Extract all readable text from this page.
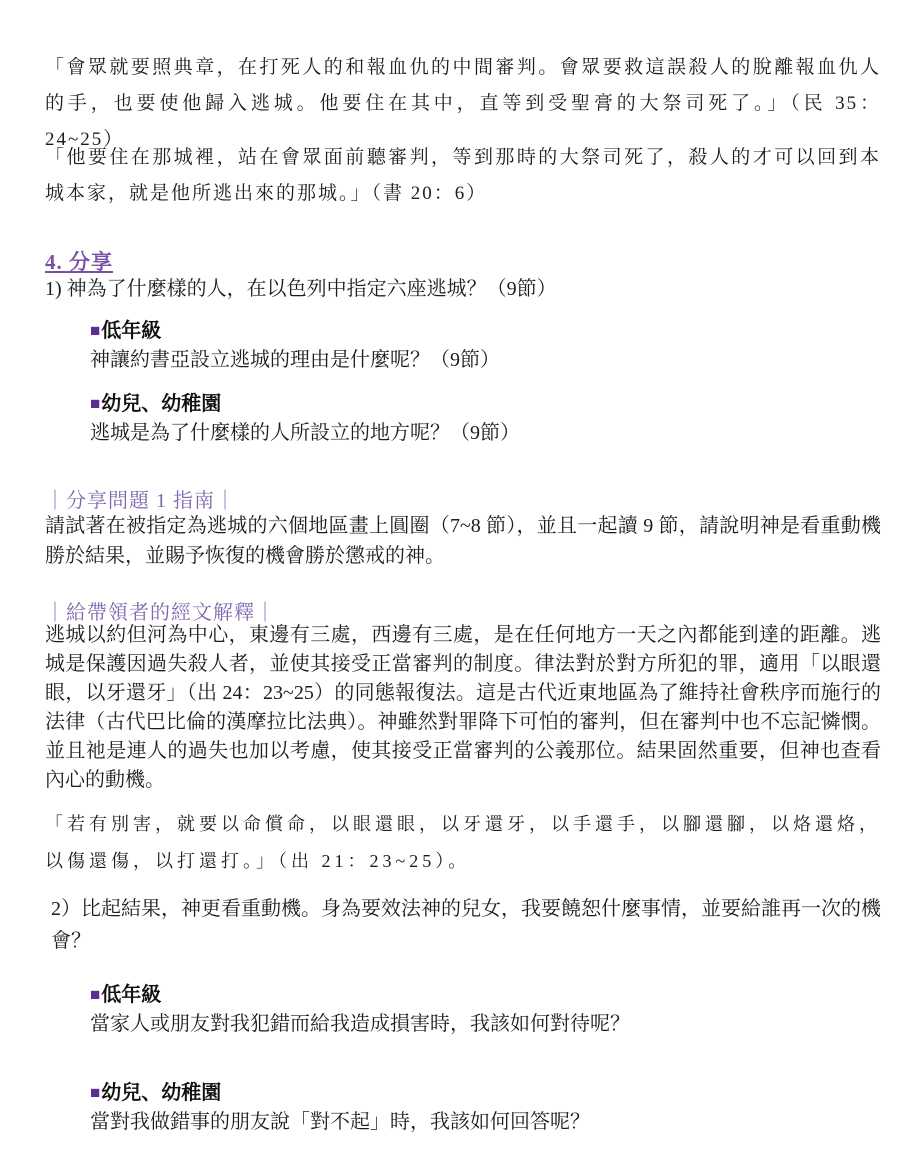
「會眾就要照典章，在打死人的和報血仇的中間審判。會眾要救這誤殺人的脫離報血仇人的手，也要使他歸入逃城。他要住在其中，直等到受聖膏的大祭司死了。」（民 35：24~25）
「他要住在那城裡，站在會眾面前聽審判，等到那時的大祭司死了，殺人的才可以回到本城本家，就是他所逃出來的那城。」（書 20：6）
4. 分享
1) 神為了什麼樣的人，在以色列中指定六座逃城？（9節）
■低年級
神讓約書亞設立逃城的理由是什麼呢？（9節）
■幼兒、幼稚園
逃城是為了什麼樣的人所設立的地方呢？（9節）
｜分享問題 1 指南｜
請試著在被指定為逃城的六個地區畫上圓圈（7~8 節），並且一起讀 9 節，請說明神是看重動機勝於結果，並賜予恢復的機會勝於懲戒的神。
｜給帶領者的經文解釋｜
逃城以約但河為中心，東邊有三處，西邊有三處，是在任何地方一天之內都能到達的距離。逃城是保護因過失殺人者，並使其接受正當審判的制度。律法對於對方所犯的罪，適用「以眼還眼，以牙還牙」（出 24：23~25）的同態報復法。這是古代近東地區為了維持社會秩序而施行的法律（古代巴比倫的漢摩拉比法典）。神雖然對罪降下可怕的審判，但在審判中也不忘記憐憫。並且祂是連人的過失也加以考慮，使其接受正當審判的公義那位。結果固然重要，但神也查看內心的動機。
「若有別害，就要以命償命，以眼還眼，以牙還牙，以手還手，以腳還腳，以烙還烙，以傷還傷，以打還打。」（出 21：23~25）。
2）比起結果，神更看重動機。身為要效法神的兒女，我要饒恕什麼事情，並要給誰再一次的機會？
■低年級
當家人或朋友對我犯錯而給我造成損害時，我該如何對待呢？
■幼兒、幼稚園
當對我做錯事的朋友說「對不起」時，我該如何回答呢？
